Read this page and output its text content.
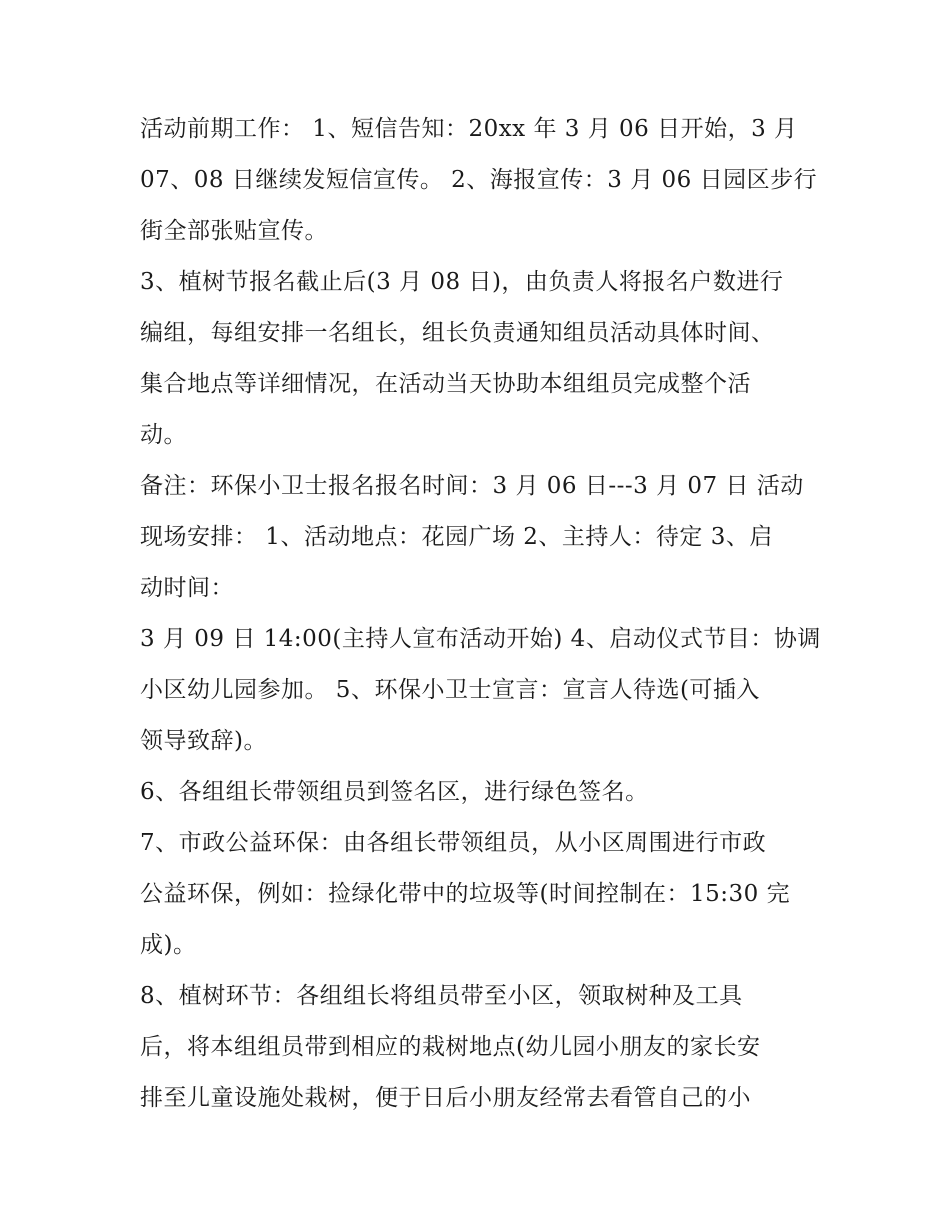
活动前期工作： 1、短信告知：20xx 年 3 月 06 日开始，3 月
07、08 日继续发短信宣传。 2、海报宣传：3 月 06 日园区步行
街全部张贴宣传。

3、植树节报名截止后(3 月 08 日)，由负责人将报名户数进行
编组，每组安排一名组长，组长负责通知组员活动具体时间、
集合地点等详细情况，在活动当天协助本组组员完成整个活
动。

备注：环保小卫士报名报名时间：3 月 06 日---3 月 07 日 活动
现场安排： 1、活动地点：花园广场 2、主持人：待定 3、启
动时间：

3 月 09 日 14:00(主持人宣布活动开始) 4、启动仪式节目：协调
小区幼儿园参加。 5、环保小卫士宣言：宣言人待选(可插入
领导致辞)。

6、各组组长带领组员到签名区，进行绿色签名。

7、市政公益环保：由各组长带领组员，从小区周围进行市政
公益环保，例如：捡绿化带中的垃圾等(时间控制在：15:30 完
成)。

8、植树环节：各组组长将组员带至小区，领取树种及工具
后，将本组组员带到相应的栽树地点(幼儿园小朋友的家长安
排至儿童设施处栽树，便于日后小朋友经常去看管自己的小
